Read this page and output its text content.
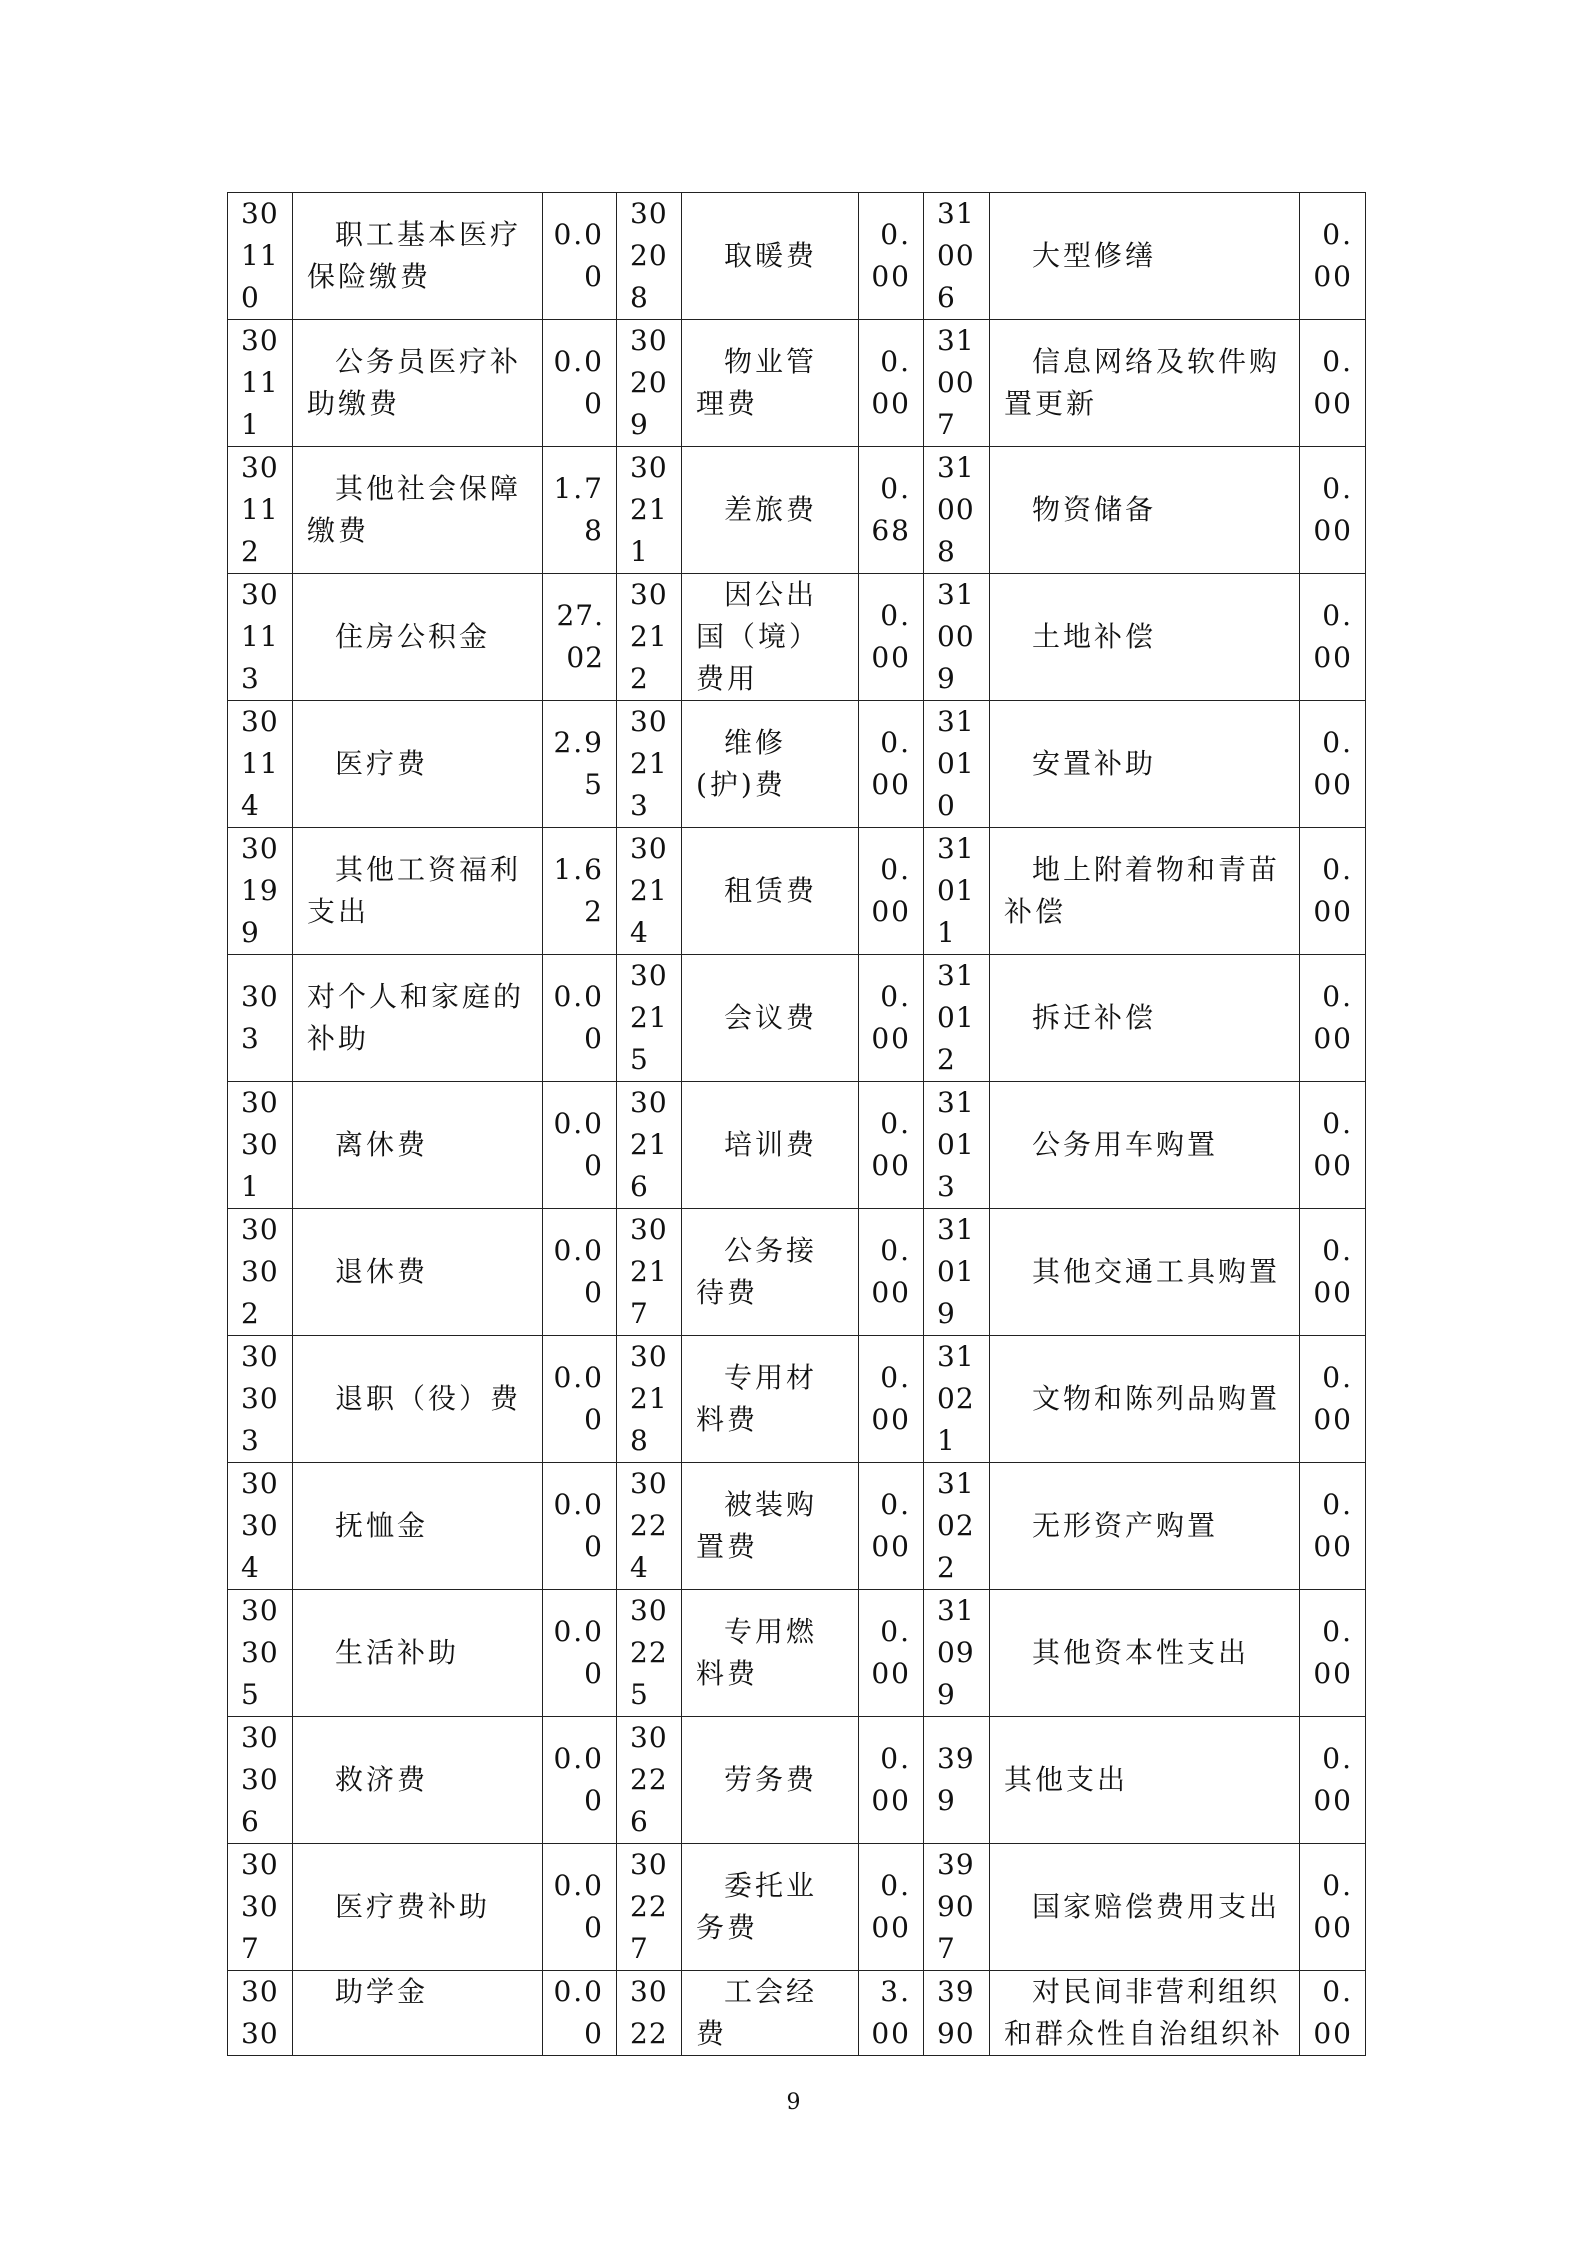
30110	职工基本医疗保险缴费	0.00	30208	取暖费	0.00	31006	大型修缮	0.00
30111	公务员医疗补助缴费	0.00	30209	物业管理费	0.00	31007	信息网络及软件购置更新	0.00
30112	其他社会保障缴费	1.78	30211	差旅费	0.68	31008	物资储备	0.00
30113	住房公积金	27.02	30212	因公出国（境）费用	0.00	31009	土地补偿	0.00
30114	医疗费	2.95	30213	维修(护)费	0.00	31010	安置补助	0.00
30199	其他工资福利支出	1.62	30214	租赁费	0.00	31011	地上附着物和青苗补偿	0.00
303	对个人和家庭的补助	0.00	30215	会议费	0.00	31012	拆迁补偿	0.00
30301	离休费	0.00	30216	培训费	0.00	31013	公务用车购置	0.00
30302	退休费	0.00	30217	公务接待费	0.00	31019	其他交通工具购置	0.00
30303	退职（役）费	0.00	30218	专用材料费	0.00	31021	文物和陈列品购置	0.00
30304	抚恤金	0.00	30224	被装购置费	0.00	31022	无形资产购置	0.00
30305	生活补助	0.00	30225	专用燃料费	0.00	31099	其他资本性支出	0.00
30306	救济费	0.00	30226	劳务费	0.00	399	其他支出	0.00
30307	医疗费补助	0.00	30227	委托业务费	0.00	39907	国家赔偿费用支出	0.00
3030	助学金	0.00	3022	工会经费	3.00	3990	对民间非营利组织和群众性自治组织补	0.00
9
